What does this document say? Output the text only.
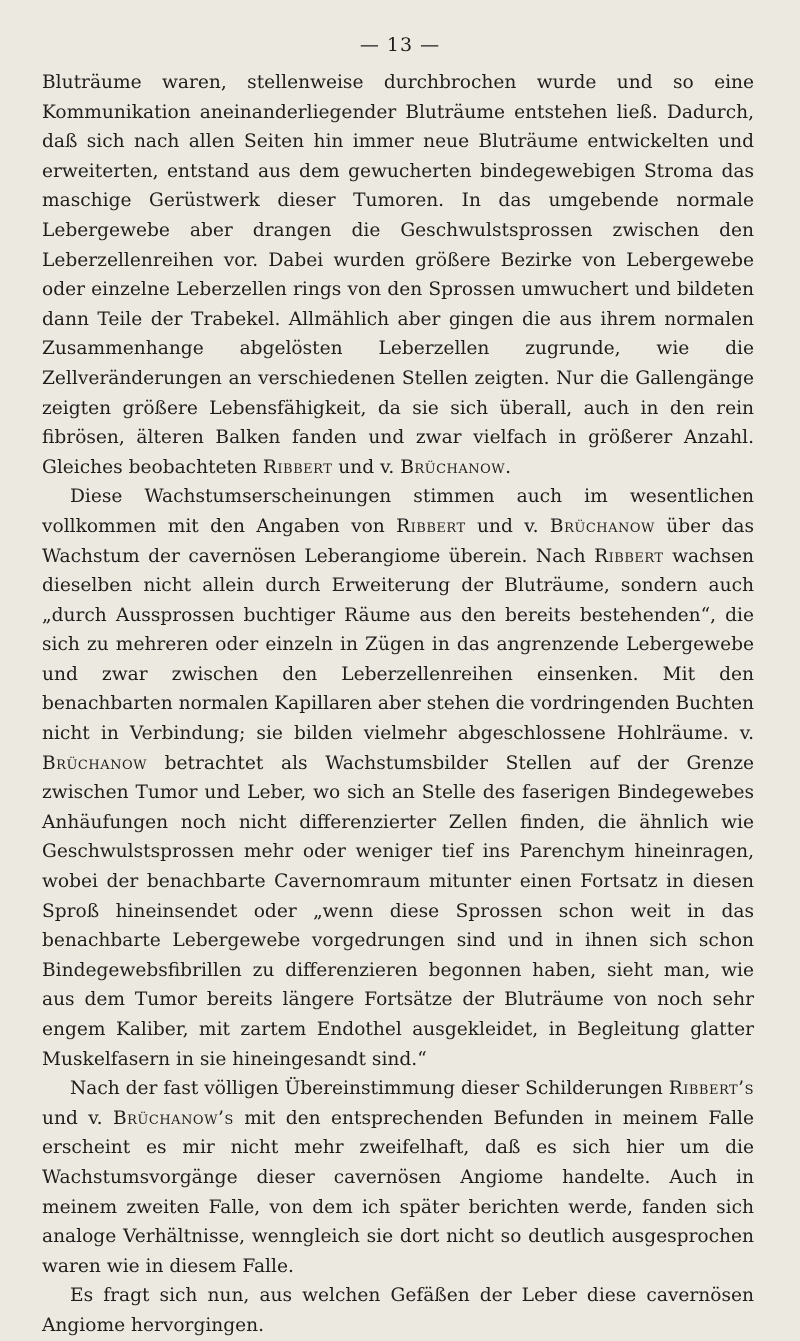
— 13 —

Bluträume waren, stellenweise durchbrochen wurde und so eine Kommunikation aneinanderliegender Bluträume entstehen ließ. Dadurch, daß sich nach allen Seiten hin immer neue Bluträume entwickelten und erweiterten, entstand aus dem gewucherten bindegewebigen Stroma das maschige Gerüstwerk dieser Tumoren. In das umgebende normale Lebergewebe aber drangen die Geschwulstsprossen zwischen den Leberzellenreihen vor. Dabei wurden größere Bezirke von Lebergewebe oder einzelne Leberzellen rings von den Sprossen umwuchert und bildeten dann Teile der Trabekel. Allmählich aber gingen die aus ihrem normalen Zusammenhange abgelösten Leberzellen zugrunde, wie die Zellveränderungen an verschiedenen Stellen zeigten. Nur die Gallengänge zeigten größere Lebensfähigkeit, da sie sich überall, auch in den rein fibrösen, älteren Balken fanden und zwar vielfach in größerer Anzahl. Gleiches beobachteten Ribbert und v. Brüchanow.

Diese Wachstumserscheinungen stimmen auch im wesentlichen vollkommen mit den Angaben von Ribbert und v. Brüchanow über das Wachstum der cavernösen Leberangiome überein. Nach Ribbert wachsen dieselben nicht allein durch Erweiterung der Bluträume, sondern auch „durch Aussprossen buchtiger Räume aus den bereits bestehenden“, die sich zu mehreren oder einzeln in Zügen in das angrenzende Lebergewebe und zwar zwischen den Leberzellenreihen einsenken. Mit den benachbarten normalen Kapillaren aber stehen die vordringenden Buchten nicht in Verbindung; sie bilden vielmehr abgeschlossene Hohlräume. v. Brüchanow betrachtet als Wachstumsbilder Stellen auf der Grenze zwischen Tumor und Leber, wo sich an Stelle des faserigen Bindegewebes Anhäufungen noch nicht differenzierter Zellen finden, die ähnlich wie Geschwulstsprossen mehr oder weniger tief ins Parenchym hineinragen, wobei der benachbarte Cavernomraum mitunter einen Fortsatz in diesen Sproß hineinsendet oder „wenn diese Sprossen schon weit in das benachbarte Lebergewebe vorgedrungen sind und in ihnen sich schon Bindegewebsfibrillen zu differenzieren begonnen haben, sieht man, wie aus dem Tumor bereits längere Fortsätze der Bluträume von noch sehr engem Kaliber, mit zartem Endothel ausgekleidet, in Begleitung glatter Muskelfasern in sie hineingesandt sind.“

Nach der fast völligen Übereinstimmung dieser Schilderungen Ribbert’s und v. Brüchanow’s mit den entsprechenden Befunden in meinem Falle erscheint es mir nicht mehr zweifelhaft, daß es sich hier um die Wachstumsvorgänge dieser cavernösen Angiome handelte. Auch in meinem zweiten Falle, von dem ich später berichten werde, fanden sich analoge Verhältnisse, wenngleich sie dort nicht so deutlich ausgesprochen waren wie in diesem Falle.

Es fragt sich nun, aus welchen Gefäßen der Leber diese cavernösen Angiome hervorgingen.
